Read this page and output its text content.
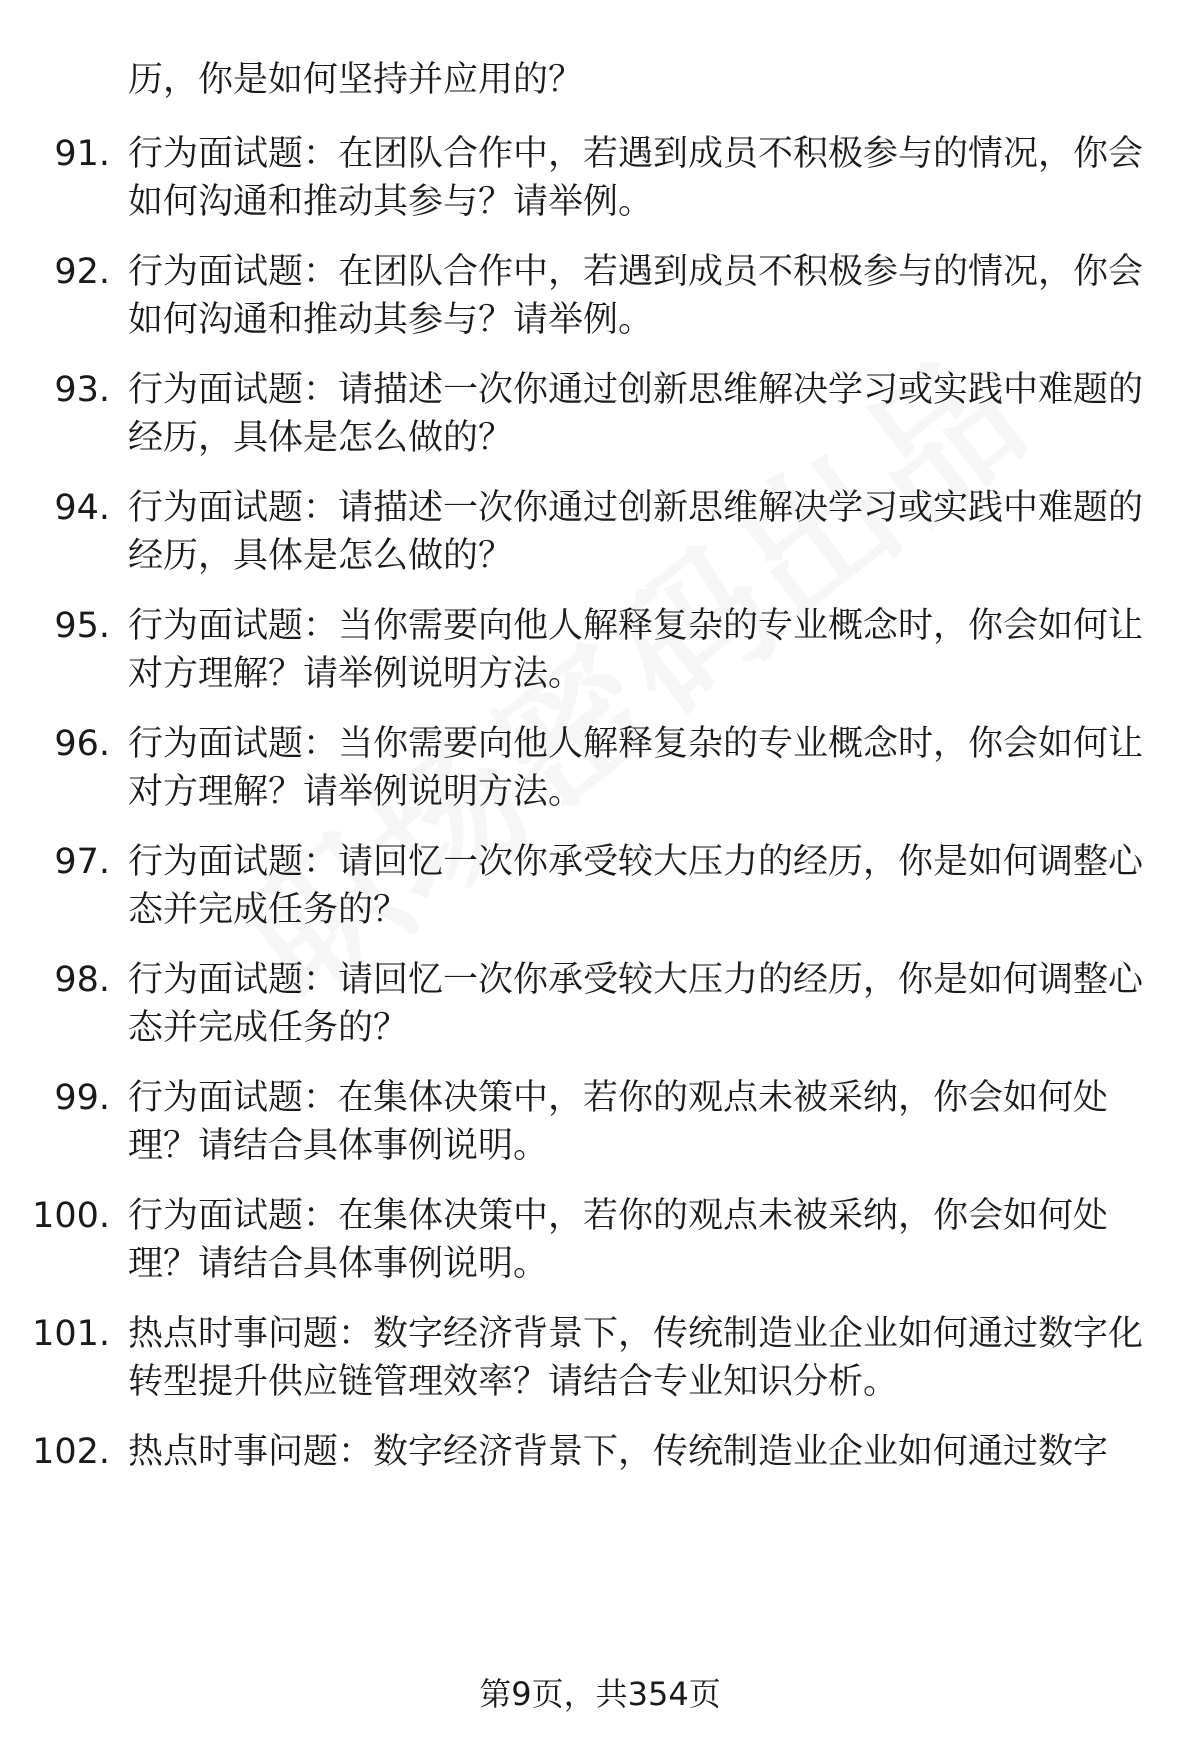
历，你是如何坚持并应用的？

91. 行为面试题：在团队合作中，若遇到成员不积极参与的情况，你会如何沟通和推动其参与？请举例。

92. 行为面试题：在团队合作中，若遇到成员不积极参与的情况，你会如何沟通和推动其参与？请举例。

93. 行为面试题：请描述一次你通过创新思维解决学习或实践中难题的经历，具体是怎么做的？

94. 行为面试题：请描述一次你通过创新思维解决学习或实践中难题的经历，具体是怎么做的？

95. 行为面试题：当你需要向他人解释复杂的专业概念时，你会如何让对方理解？请举例说明方法。

96. 行为面试题：当你需要向他人解释复杂的专业概念时，你会如何让对方理解？请举例说明方法。

97. 行为面试题：请回忆一次你承受较大压力的经历，你是如何调整心态并完成任务的？

98. 行为面试题：请回忆一次你承受较大压力的经历，你是如何调整心态并完成任务的？

99. 行为面试题：在集体决策中，若你的观点未被采纳，你会如何处理？请结合具体事例说明。

100. 行为面试题：在集体决策中，若你的观点未被采纳，你会如何处理？请结合具体事例说明。

101. 热点时事问题：数字经济背景下，传统制造业企业如何通过数字化转型提升供应链管理效率？请结合专业知识分析。

102. 热点时事问题：数字经济背景下，传统制造业企业如何通过数字

第9页，共354页
